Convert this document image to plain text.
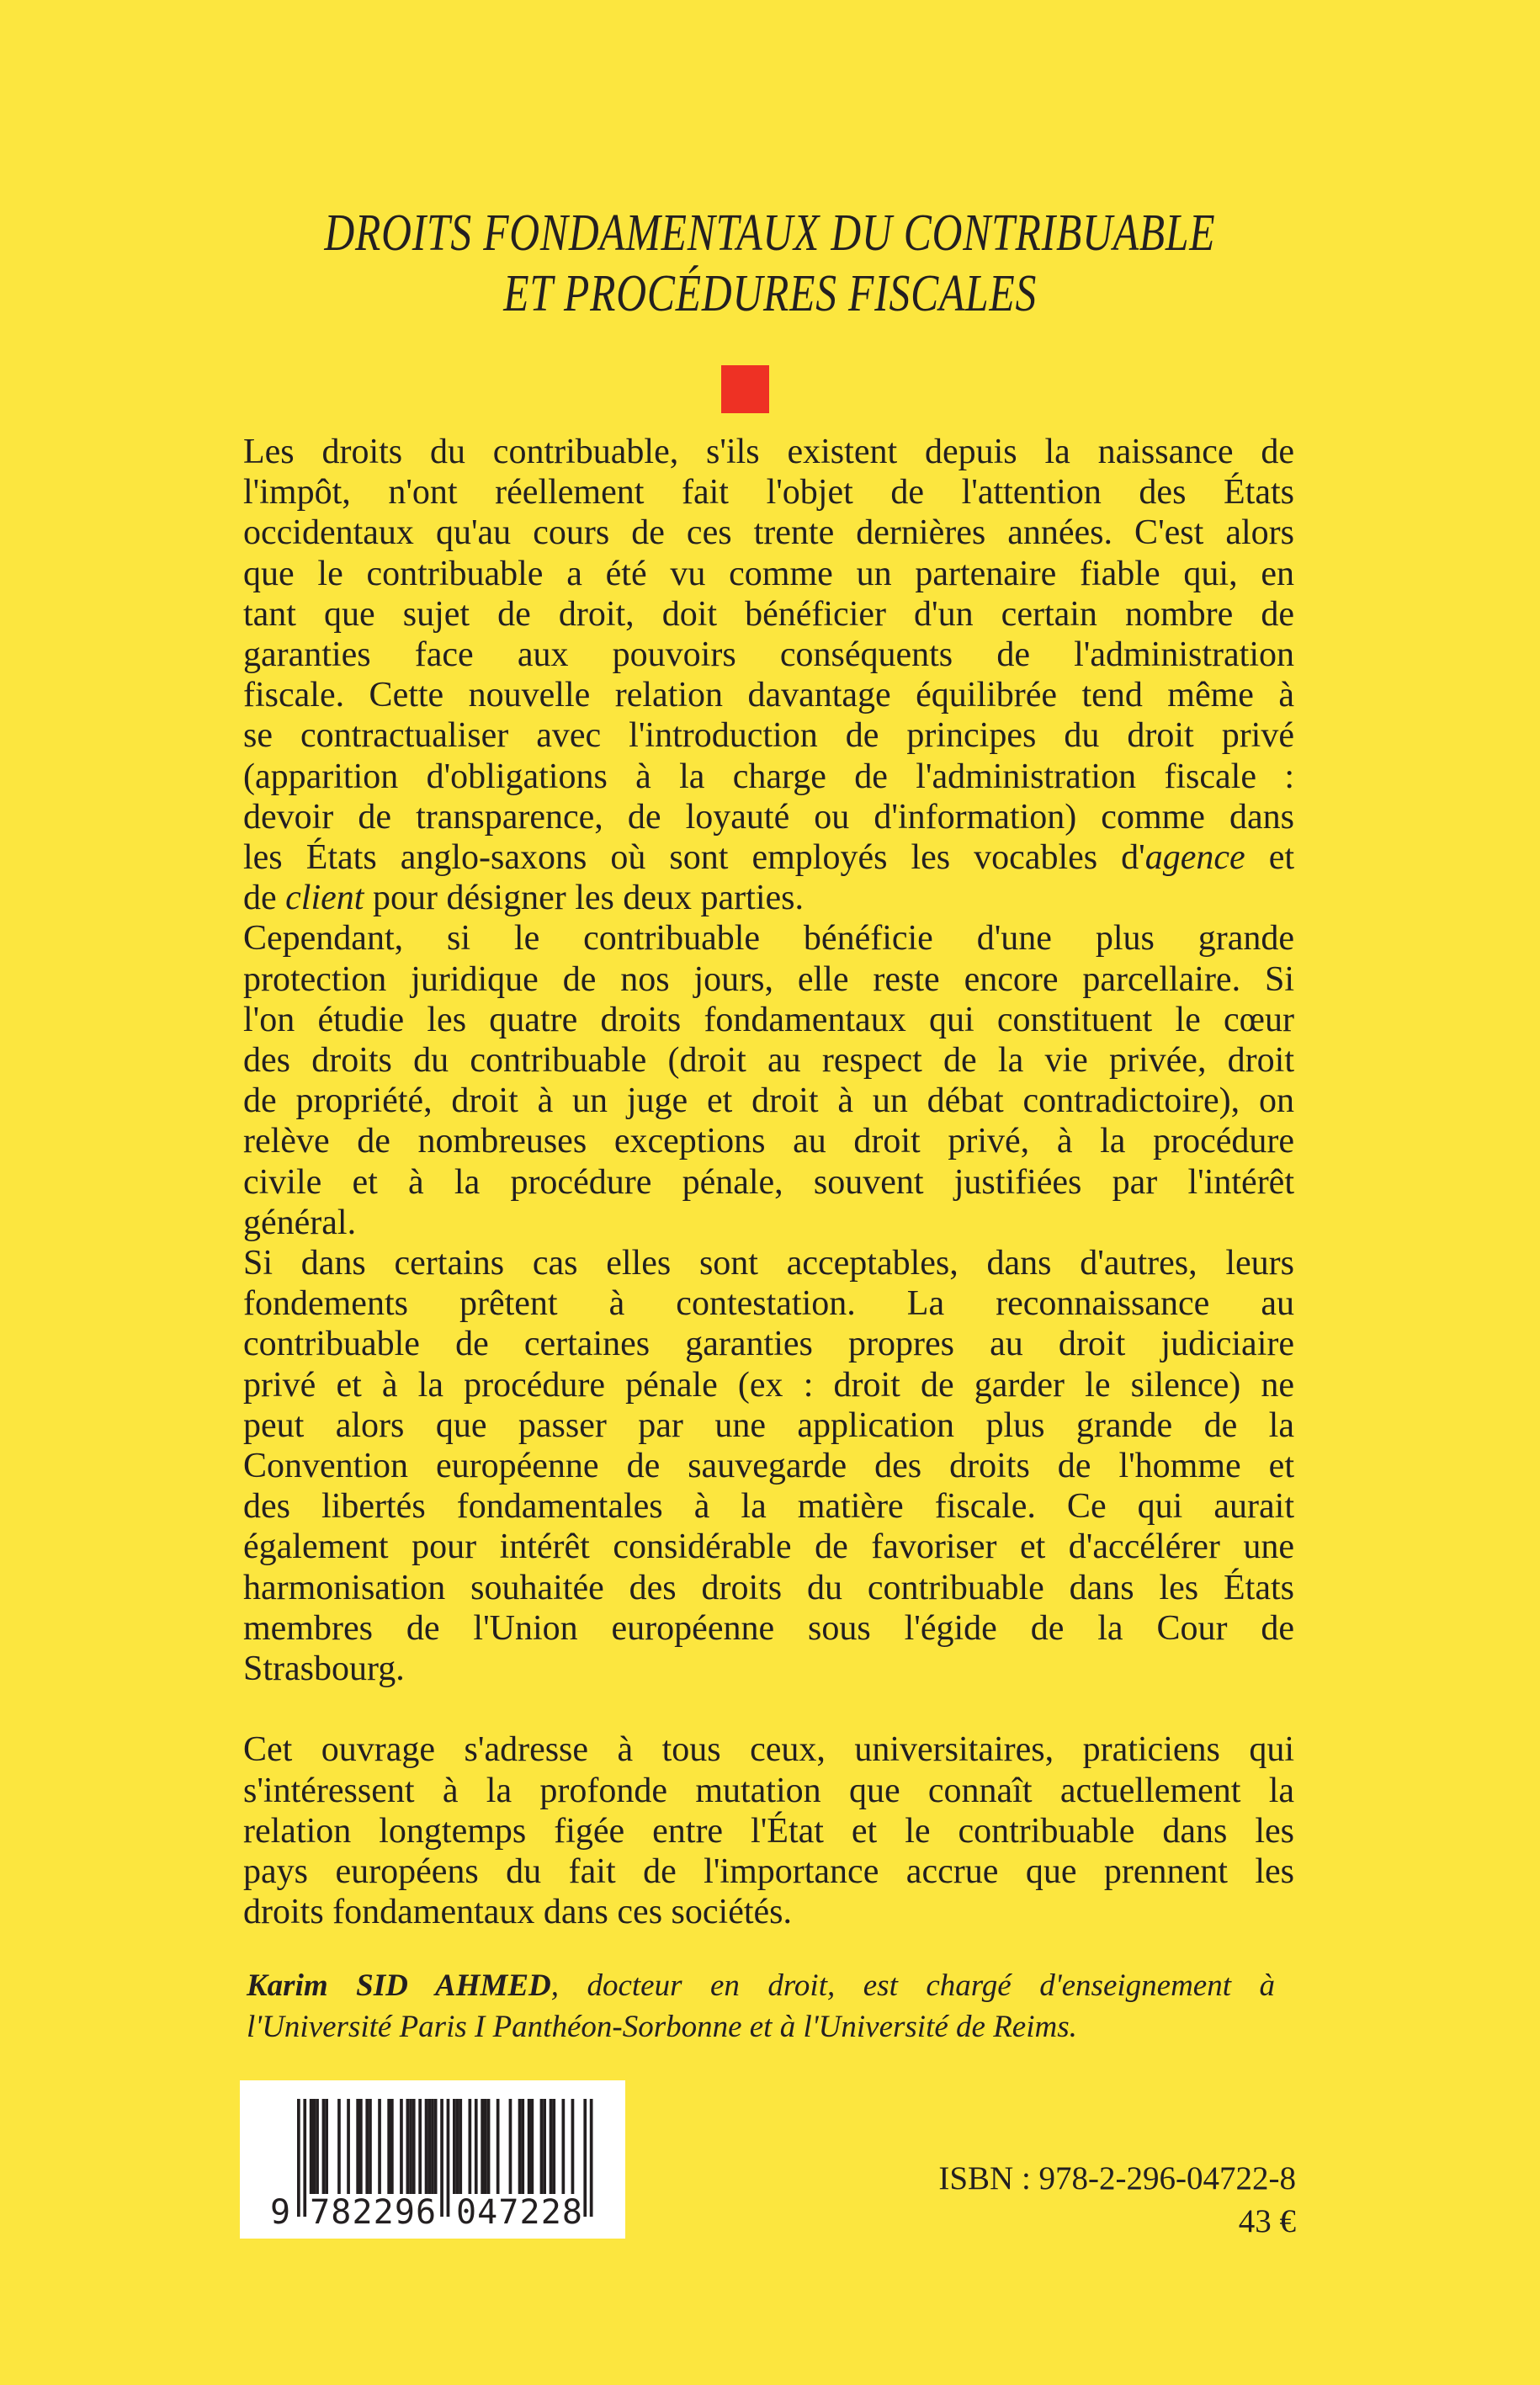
DROITS FONDAMENTAUX DU CONTRIBUABLE
ET PROCÉDURES FISCALES
Les droits du contribuable, s'ils existent depuis la naissance de
l'impôt, n'ont réellement fait l'objet de l'attention des États
occidentaux qu'au cours de ces trente dernières années. C'est alors
que le contribuable a été vu comme un partenaire fiable qui, en
tant que sujet de droit, doit bénéficier d'un certain nombre de
garanties face aux pouvoirs conséquents de l'administration
fiscale. Cette nouvelle relation davantage équilibrée tend même à
se contractualiser avec l'introduction de principes du droit privé
(apparition d'obligations à la charge de l'administration fiscale :
devoir de transparence, de loyauté ou d'information) comme dans
les États anglo-saxons où sont employés les vocables d'agence et
de client pour désigner les deux parties.
Cependant, si le contribuable bénéficie d'une plus grande
protection juridique de nos jours, elle reste encore parcellaire. Si
l'on étudie les quatre droits fondamentaux qui constituent le cœur
des droits du contribuable (droit au respect de la vie privée, droit
de propriété, droit à un juge et droit à un débat contradictoire), on
relève de nombreuses exceptions au droit privé, à la procédure
civile et à la procédure pénale, souvent justifiées par l'intérêt
général.
Si dans certains cas elles sont acceptables, dans d'autres, leurs
fondements prêtent à contestation. La reconnaissance au
contribuable de certaines garanties propres au droit judiciaire
privé et à la procédure pénale (ex : droit de garder le silence) ne
peut alors que passer par une application plus grande de la
Convention européenne de sauvegarde des droits de l'homme et
des libertés fondamentales à la matière fiscale. Ce qui aurait
également pour intérêt considérable de favoriser et d'accélérer une
harmonisation souhaitée des droits du contribuable dans les États
membres de l'Union européenne sous l'égide de la Cour de
Strasbourg.
Cet ouvrage s'adresse à tous ceux, universitaires, praticiens qui
s'intéressent à la profonde mutation que connaît actuellement la
relation longtemps figée entre l'État et le contribuable dans les
pays européens du fait de l'importance accrue que prennent les
droits fondamentaux dans ces sociétés.
Karim SID AHMED, docteur en droit, est chargé d'enseignement à
l'Université Paris I Panthéon-Sorbonne et à l'Université de Reims.
9 782296 047228
ISBN : 978-2-296-04722-8
43 €
